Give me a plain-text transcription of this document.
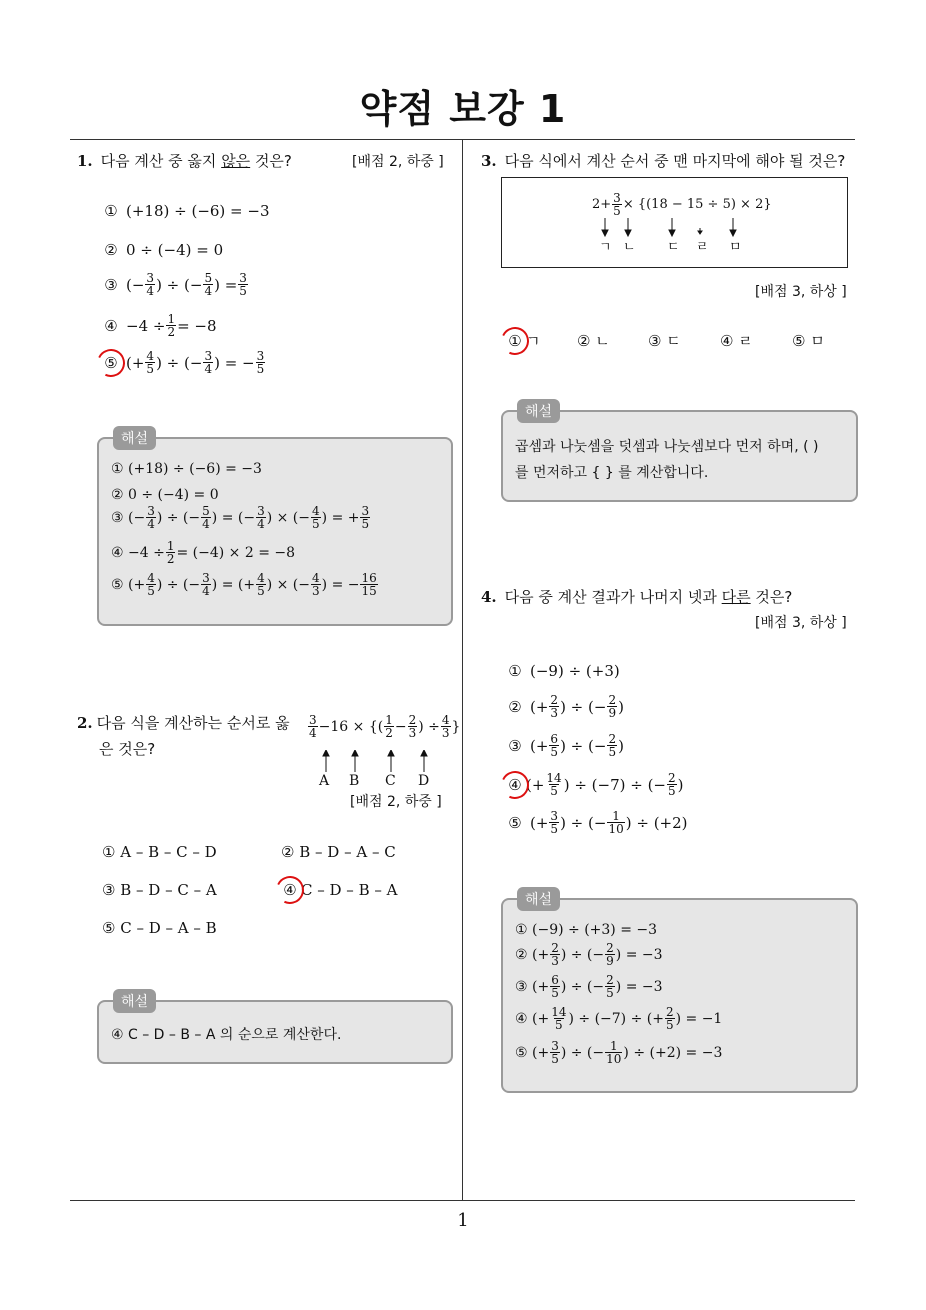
약점 보강 1
1
1. 다음 계산 중 옳지 않은 것은?	[배점 2, 하중 ]
① (+18) ÷ (−6) = −3
② 0 ÷ (−4) = 0
③ (− $\frac{3}{4}$ ) ÷ (− $\frac{5}{4}$ ) = $\frac{3}{5}$
④ $-4 \div \frac{1}{2} = -8$
⑤ (+ $\frac{4}{5}$ ) ÷ (− $\frac{3}{4}$ ) = − $\frac{3}{5}$
해설
① (+18) ÷ (−6) = −3
② 0 ÷ (−4) = 0
③ (− $\frac{3}{4}$ ) ÷ (− $\frac{5}{4}$ ) = (− $\frac{3}{4}$ ) × (− $\frac{4}{5}$ ) = + $\frac{3}{5}$
④ $-4 \div \frac{1}{2} = (-4) \times 2 = -8$
⑤ (+ $\frac{4}{5}$ ) ÷ (− $\frac{3}{4}$ ) = (+ $\frac{4}{5}$ ) × (− $\frac{4}{3}$ ) = − $\frac{16}{15}$
2. 다음 식을 계산하는 순서로 옳
은 것은?
$\frac{3}{4} -16$ × {( $\frac{1}{2} - \frac{2}{3}$ ) ÷ $\frac{4}{3}$ }
A	B	C	D
[배점 2, 하중 ]
① A – B – C – D	② B – D – A – C
③ B – D – C – A	④ C – D – B – A
⑤ C – D – A – B
해설
④ C – D – B – A 의 순으로 계산한다.
3. 다음 식에서 계산 순서 중 맨 마지막에 해야 될 것은?
$2+ \frac{3}{5} \times \{(18 - 15 \div 5) \times 2\}$
ㄱ ㄴ ㄷ ㄹ ㅁ
[배점 3, 하상 ]
① ㄱ ② ㄴ	③ ㄷ	④ ㄹ	⑤ ㅁ
해설
곱셈과 나눗셈을 덧셈과 나눗셈보다 먼저 하며, ( )
를 먼저하고 { } 를 계산합니다.
4. 다음 중 계산 결과가 나머지 넷과 다른 것은?
[배점 3, 하상 ]
① (−9) ÷ (+3)
② (+ $\frac{2}{3}$ ) ÷ (− $\frac{2}{9}$ )
③ (+ $\frac{6}{5}$ ) ÷ (− $\frac{2}{5}$ )
④ (+ $\frac{14}{5}$ ) ÷ (−7) ÷ (− $\frac{2}{5}$ )
⑤ (+ $\frac{3}{5}$ ) ÷ (− $\frac{1}{10}$ ) ÷ (+2)
해설
① (−9) ÷ (+3) = −3
② (+ $\frac{2}{3}$ ) ÷ (− $\frac{2}{9}$ ) = −3
③ (+ $\frac{6}{5}$ ) ÷ (− $\frac{2}{5}$ ) = −3
④ (+ $\frac{14}{5}$ ) ÷ (−7) ÷ (+ $\frac{2}{5}$ ) = −1
⑤ (+ $\frac{3}{5}$ ) ÷ (− $\frac{1}{10}$ ) ÷ (+2) = −3
